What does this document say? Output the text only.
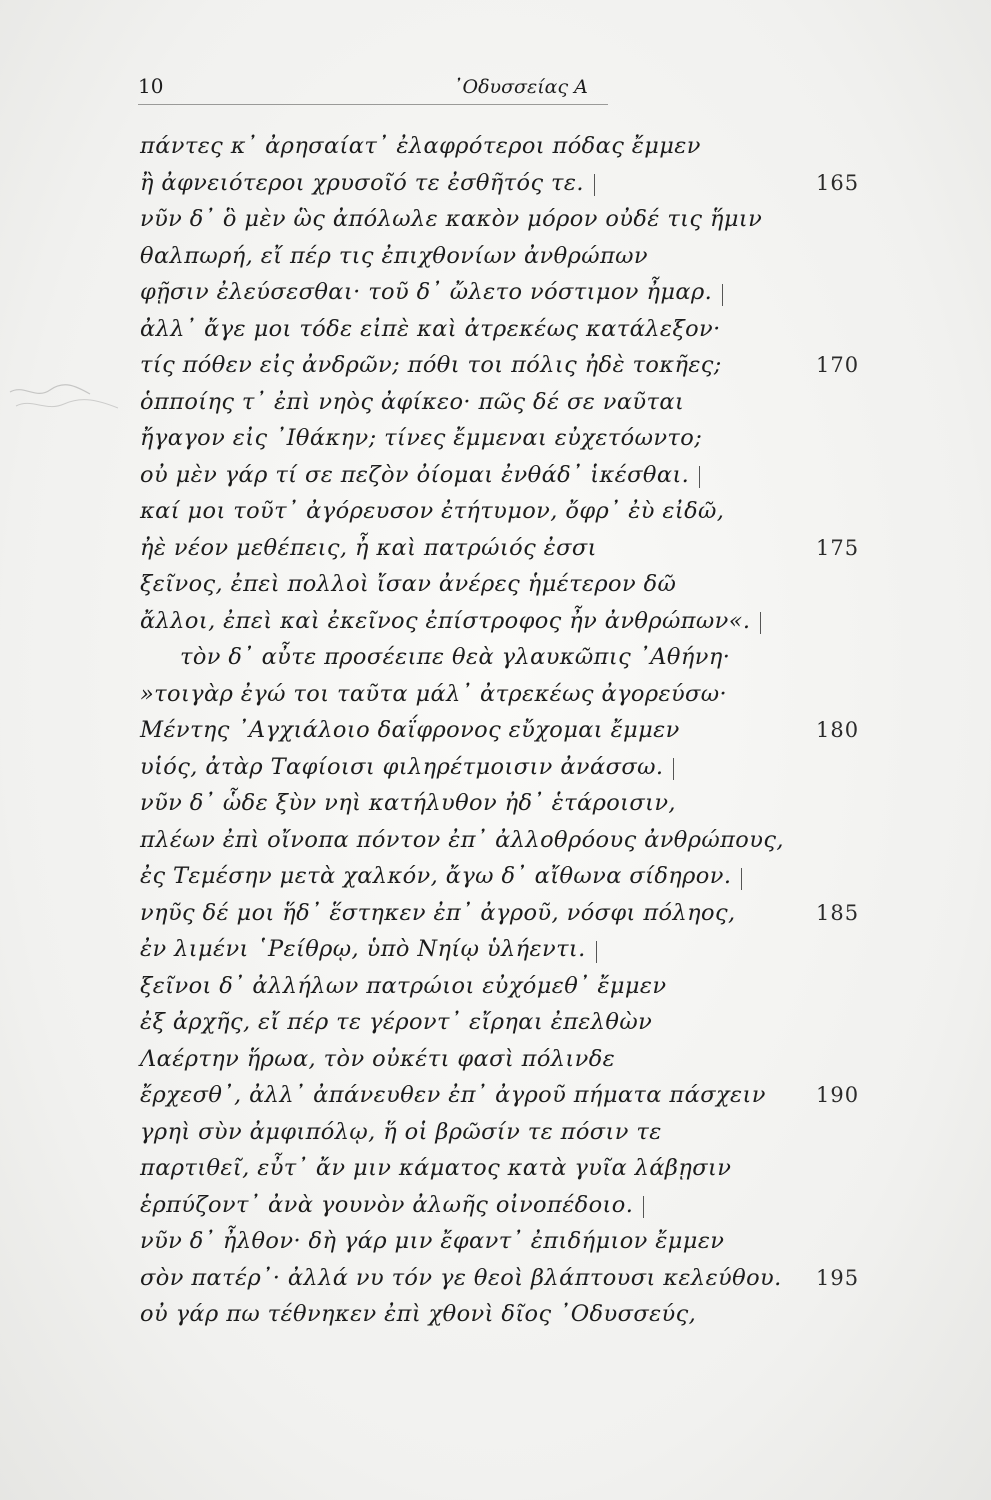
10	᾿Οδυσσείας Α
πάντες κ᾿ ἀρησαίατ᾿ ἐλαφρότεροι πόδας ἔμμεν
ἢ ἀφνειότεροι χρυσοῖό τε ἐσθῆτός τε.	165
νῦν δ᾿ ὃ μὲν ὣς ἀπόλωλε κακὸν μόρον οὐδέ τις ἥμιν
θαλπωρή, εἴ πέρ τις ἐπιχθονίων ἀνθρώπων
φῇσιν ἐλεύσεσθαι· τοῦ δ᾿ ὤλετο νόστιμον ἦμαρ.
ἀλλ᾿ ἄγε μοι τόδε εἰπὲ καὶ ἀτρεκέως κατάλεξον·
τίς πόθεν εἰς ἀνδρῶν; πόθι τοι πόλις ἠδὲ τοκῆες;	170
ὁπποίης τ᾿ ἐπὶ νηὸς ἀφίκεο· πῶς δέ σε ναῦται
ἤγαγον εἰς ᾿Ιθάκην; τίνες ἔμμεναι εὐχετόωντο;
οὐ μὲν γάρ τί σε πεζὸν ὀίομαι ἐνθάδ᾿ ἱκέσθαι.
καί μοι τοῦτ᾿ ἀγόρευσον ἐτήτυμον, ὄφρ᾿ ἐὺ εἰδῶ,
ἠὲ νέον μεθέπεις, ἦ καὶ πατρώιός ἐσσι	175
ξεῖνος, ἐπεὶ πολλοὶ ἴσαν ἀνέρες ἡμέτερον δῶ
ἄλλοι, ἐπεὶ καὶ ἐκεῖνος ἐπίστροφος ἦν ἀνθρώπων«.
τὸν δ᾿ αὖτε προσέειπε θεὰ γλαυκῶπις ᾿Αθήνη·
»τοιγὰρ ἐγώ τοι ταῦτα μάλ᾿ ἀτρεκέως ἀγορεύσω·
Μέντης ᾿Αγχιάλοιο δαΐφρονος εὔχομαι ἔμμεν	180
υἱός, ἀτὰρ Ταφίοισι φιληρέτμοισιν ἀνάσσω.
νῦν δ᾿ ὧδε ξὺν νηὶ κατήλυθον ἠδ᾿ ἑτάροισιν,
πλέων ἐπὶ οἴνοπα πόντον ἐπ᾿ ἀλλοθρόους ἀνθρώπους,
ἐς Τεμέσην μετὰ χαλκόν, ἄγω δ᾿ αἴθωνα σίδηρον.
νηῦς δέ μοι ἥδ᾿ ἕστηκεν ἐπ᾿ ἀγροῦ, νόσφι πόληος,	185
ἐν λιμένι ῾Ρείθρῳ, ὑπὸ Νηίῳ ὑλήεντι.
ξεῖνοι δ᾿ ἀλλήλων πατρώιοι εὐχόμεθ᾿ ἔμμεν
ἐξ ἀρχῆς, εἴ πέρ τε γέροντ᾿ εἴρηαι ἐπελθὼν
Λαέρτην ἥρωα, τὸν οὐκέτι φασὶ πόλινδε
ἔρχεσθ᾿, ἀλλ᾿ ἀπάνευθεν ἐπ᾿ ἀγροῦ πήματα πάσχειν 190
γρηὶ σὺν ἀμφιπόλῳ, ἥ οἱ βρῶσίν τε πόσιν τε
παρτιθεῖ, εὖτ᾿ ἄν μιν κάματος κατὰ γυῖα λάβῃσιν
ἑρπύζοντ᾿ ἀνὰ γουνὸν ἀλωῆς οἰνοπέδοιο.
νῦν δ᾿ ἦλθον· δὴ γάρ μιν ἔφαντ᾿ ἐπιδήμιον ἔμμεν
σὸν πατέρ᾿· ἀλλά νυ τόν γε θεοὶ βλάπτουσι κελεύθου. 195
οὐ γάρ πω τέθνηκεν ἐπὶ χθονὶ δῖος ᾿Οδυσσεύς,
